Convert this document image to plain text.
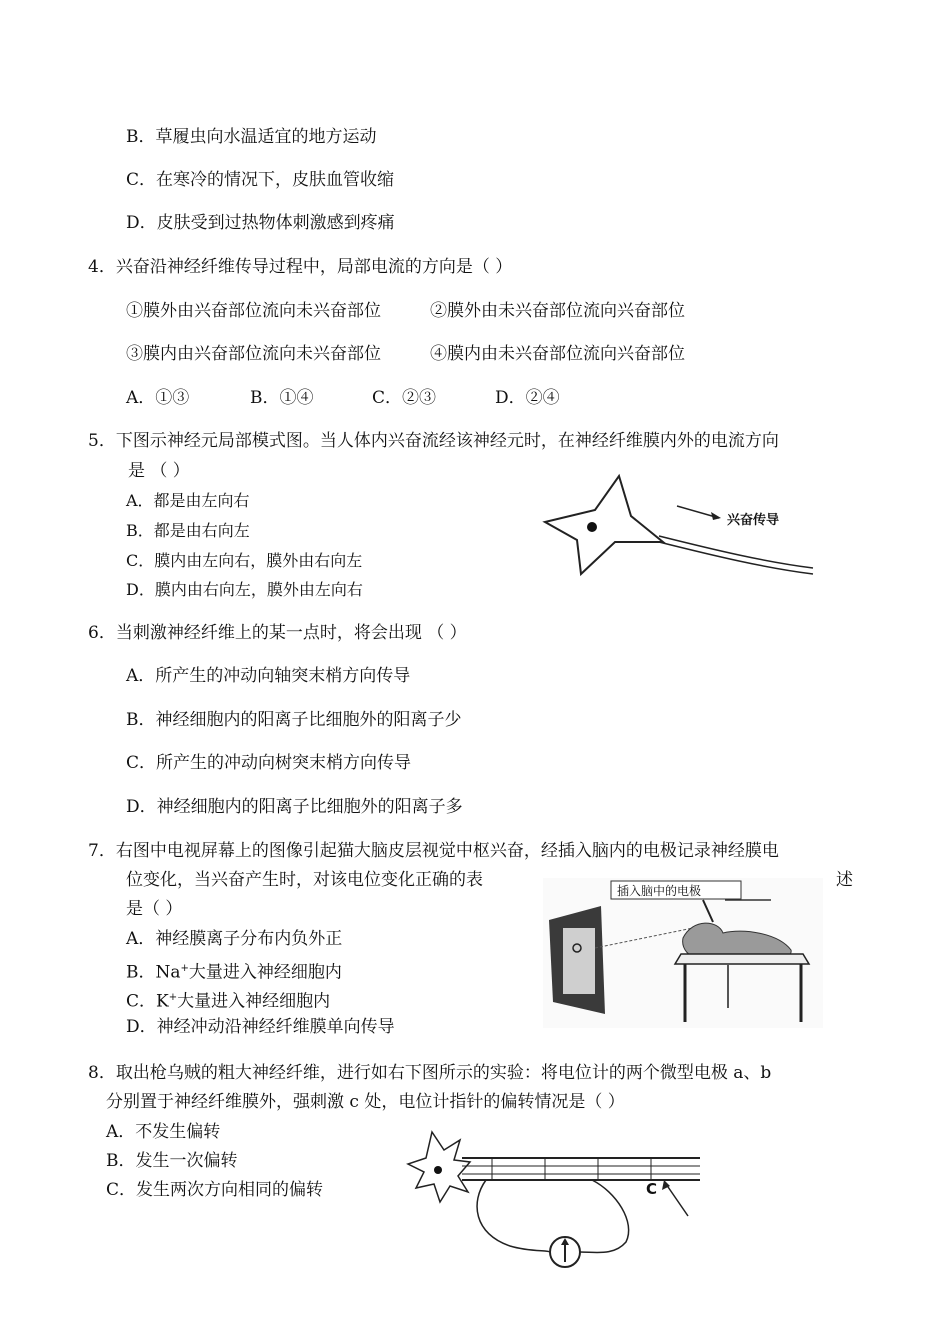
B．草履虫向水温适宜的地方运动
C．在寒冷的情况下，皮肤血管收缩
D．皮肤受到过热物体刺激感到疼痛
4．兴奋沿神经纤维传导过程中，局部电流的方向是（ ）
①膜外由兴奋部位流向未兴奋部位	②膜外由未兴奋部位流向兴奋部位
③膜内由兴奋部位流向未兴奋部位	④膜内由未兴奋部位流向兴奋部位
A．①③	B．①④	C．②③	D．②④
5．下图示神经元局部模式图。当人体内兴奋流经该神经元时，在神经纤维膜内外的电流方向
是 （ ）
A．都是由左向右
B．都是由右向左
C．膜内由左向右，膜外由右向左
D．膜内由右向左，膜外由左向右
兴奋传导
6．当刺激神经纤维上的某一点时，将会出现 （ ）
A．所产生的冲动向轴突末梢方向传导
B．神经细胞内的阳离子比细胞外的阳离子少
C．所产生的冲动向树突末梢方向传导
D．神经细胞内的阳离子比细胞外的阳离子多
7．右图中电视屏幕上的图像引起猫大脑皮层视觉中枢兴奋，经插入脑内的电极记录神经膜电
位变化，当兴奋产生时，对该电位变化正确的表	述
是（ ）
A．神经膜离子分布内负外正
B．Na+大量进入神经细胞内
C．K+大量进入神经细胞内
D．神经冲动沿神经纤维膜单向传导
插入脑中的电极
8．取出枪乌贼的粗大神经纤维，进行如右下图所示的实验：将电位计的两个微型电极 a、b
分别置于神经纤维膜外，强刺激 c 处，电位计指针的偏转情况是（ ）
A．不发生偏转
B．发生一次偏转
C．发生两次方向相同的偏转	C
